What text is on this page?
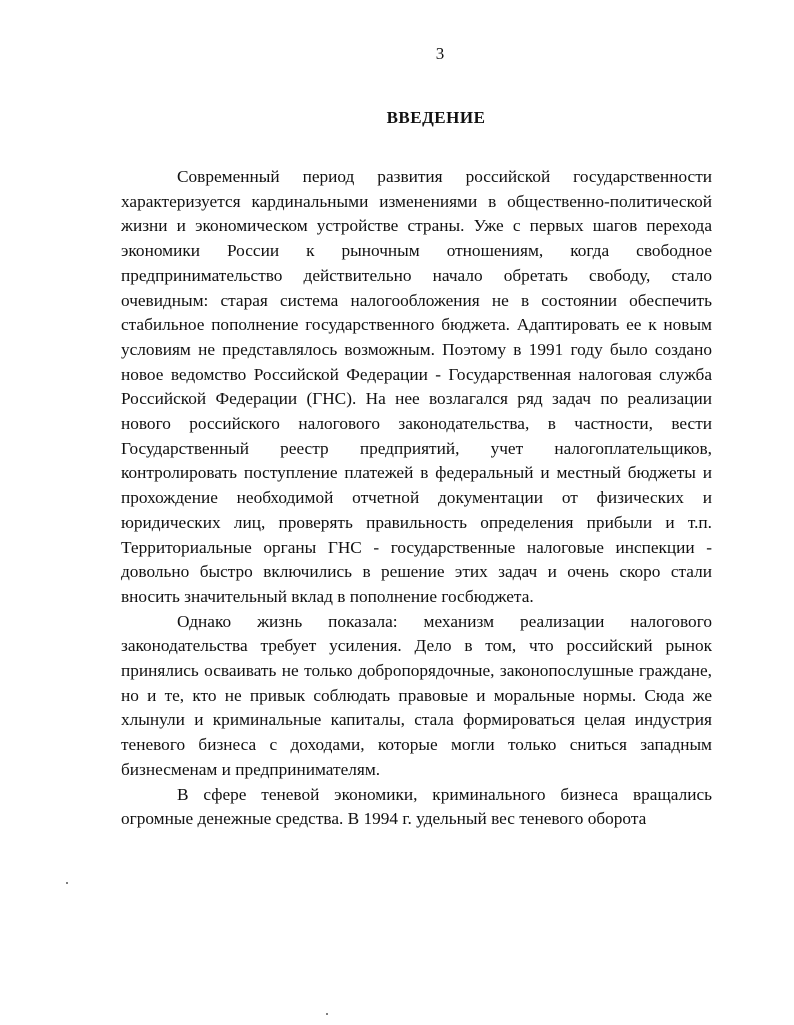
3
ВВЕДЕНИЕ

Современный период развития российской государственности характеризуется кардинальными изменениями в общественно-политической жизни и экономическом устройстве страны. Уже с первых шагов перехода экономики России к рыночным отношениям, когда свободное предпринимательство действительно начало обретать свободу, стало очевидным: старая система налогообложения не в состоянии обеспечить стабильное пополнение государственного бюджета. Адаптировать ее к новым условиям не представлялось возможным. Поэтому в 1991 году было создано новое ведомство Российской Федерации - Государственная налоговая служба Российской Федерации (ГНС). На нее возлагался ряд задач по реализации нового российского налогового законодательства, в частности, вести Государственный реестр предприятий, учет налогоплательщиков, контролировать поступление платежей в федеральный и местный бюджеты и прохождение необходимой отчетной документации от физических и юридических лиц, проверять правильность определения прибыли и т.п. Территориальные органы ГНС - государственные налоговые инспекции - довольно быстро включились в решение этих задач и очень скоро стали вносить значительный вклад в пополнение госбюджета.

Однако жизнь показала: механизм реализации налогового законодательства требует усиления. Дело в том, что российский рынок принялись осваивать не только добропорядочные, законопослушные граждане, но и те, кто не привык соблюдать правовые и моральные нормы. Сюда же хлынули и криминальные капиталы, стала формироваться целая индустрия теневого бизнеса с доходами, которые могли только сниться западным бизнесменам и предпринимателям.

В сфере теневой экономики, криминального бизнеса вращались огромные денежные средства. В 1994 г. удельный вес теневого оборота
